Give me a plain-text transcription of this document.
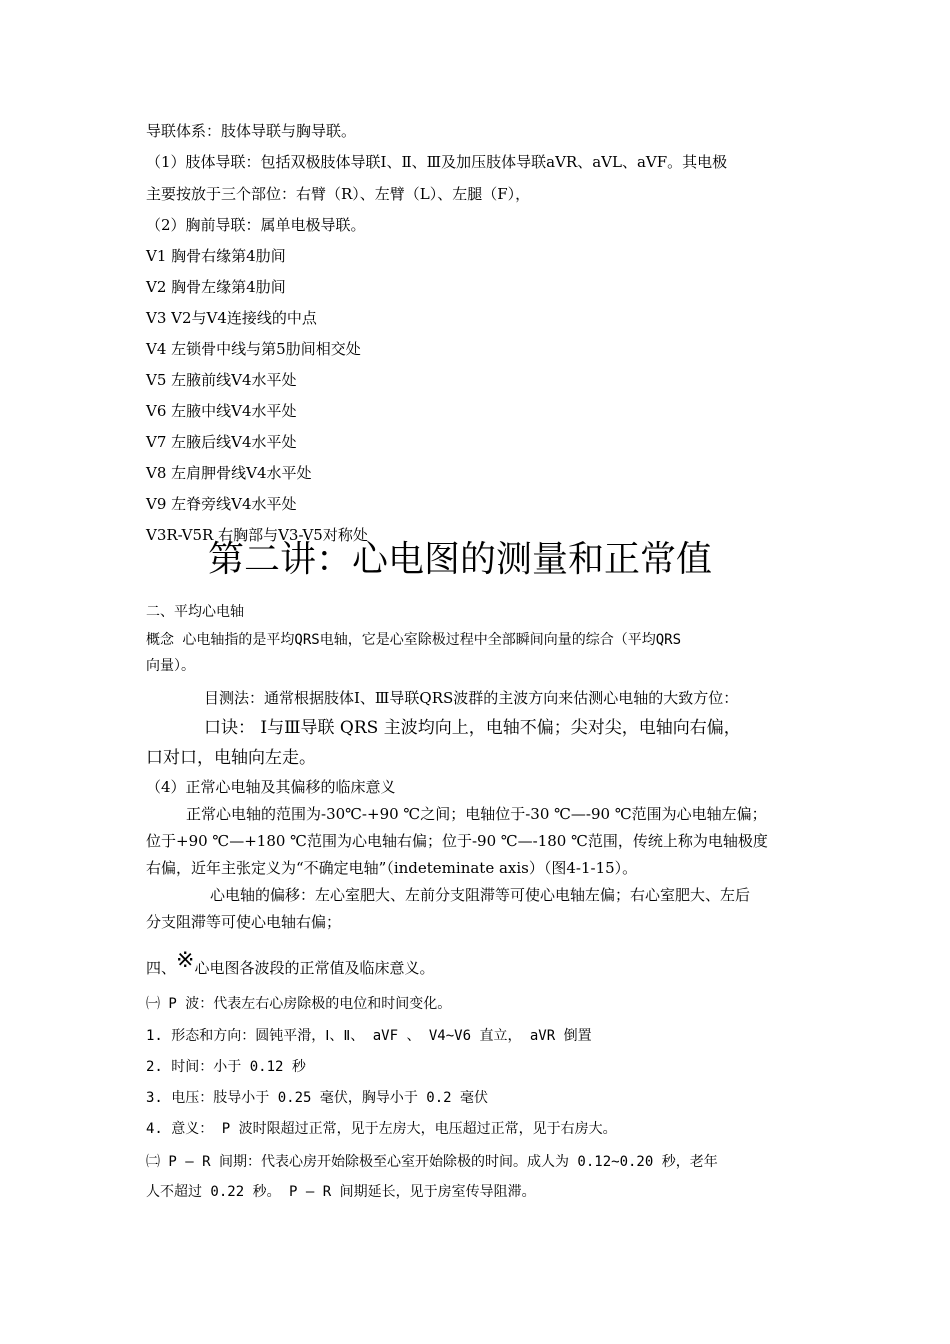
导联体系：肢体导联与胸导联。
（1）肢体导联：包括双极肢体导联Ⅰ、Ⅱ、Ⅲ及加压肢体导联aVR、aVL、aVF。其电极
主要按放于三个部位：右臂（R）、左臂（L）、左腿（F），
（2）胸前导联：属单电极导联。
V1 胸骨右缘第4肋间
V2 胸骨左缘第4肋间
V3 V2与V4连接线的中点
V4 左锁骨中线与第5肋间相交处
V5 左腋前线V4水平处
V6 左腋中线V4水平处
V7 左腋后线V4水平处
V8 左肩胛骨线V4水平处
V9 左脊旁线V4水平处
V3R-V5R 右胸部与V3-V5对称处
第二讲：心电图的测量和正常值
二、平均心电轴
概念 心电轴指的是平均QRS电轴，它是心室除极过程中全部瞬间向量的综合（平均QRS
向量）。
目测法：通常根据肢体Ⅰ、Ⅲ导联QRS波群的主波方向来估测心电轴的大致方位：
口诀： Ⅰ与Ⅲ导联 QRS 主波均向上，电轴不偏；尖对尖，电轴向右偏，
口对口，电轴向左走。
（4）正常心电轴及其偏移的临床意义
正常心电轴的范围为-30℃-+90 ℃之间；电轴位于-30 ℃—-90 ℃范围为心电轴左偏；
位于+90 ℃—+180 ℃范围为心电轴右偏；位于-90 ℃—-180 ℃范围，传统上称为电轴极度
右偏，近年主张定义为“不确定电轴”（indeteminate axis）（图4-1-15）。
心电轴的偏移：左心室肥大、左前分支阻滞等可使心电轴左偏；右心室肥大、左后
分支阻滞等可使心电轴右偏；
四、※心电图各波段的正常值及临床意义。
㈠ P 波：代表左右心房除极的电位和时间变化。
1. 形态和方向：圆钝平滑，Ⅰ、Ⅱ、 aVF 、 V4~V6 直立， aVR 倒置
2. 时间：小于 0.12 秒
3. 电压：肢导小于 0.25 毫伏，胸导小于 0.2 毫伏
4. 意义： P 波时限超过正常，见于左房大，电压超过正常，见于右房大。
㈡ P — R 间期：代表心房开始除极至心室开始除极的时间。成人为 0.12~0.20 秒，老年
人不超过 0.22 秒。 P — R 间期延长，见于房室传导阻滞。
